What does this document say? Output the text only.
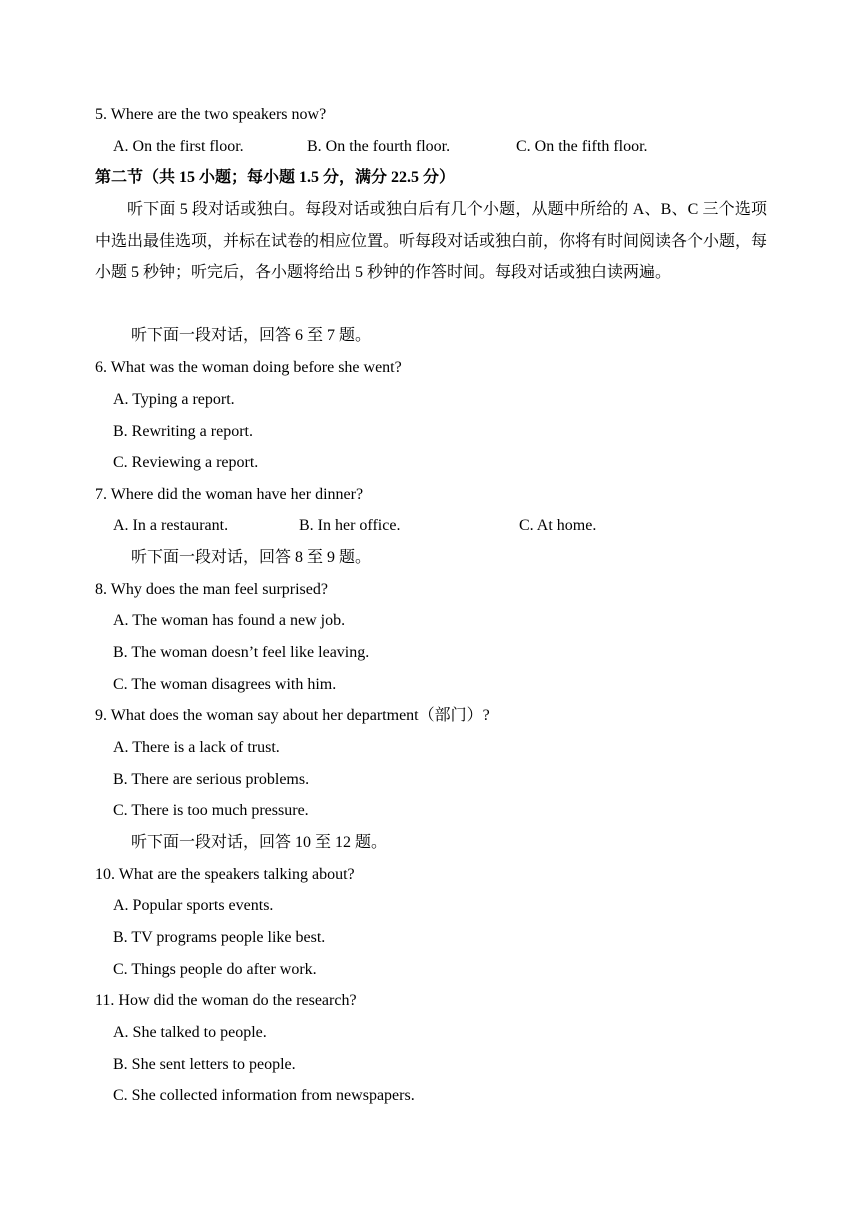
5. Where are the two speakers now?
A. On the first floor.	B. On the fourth floor.	C. On the fifth floor.
第二节（共 15 小题；每小题 1.5 分，满分 22.5 分）
听下面 5 段对话或独白。每段对话或独白后有几个小题，从题中所给的 A、B、C 三个选项中选出最佳选项，并标在试卷的相应位置。听每段对话或独白前，你将有时间阅读各个小题，每小题 5 秒钟；听完后，各小题将给出 5 秒钟的作答时间。每段对话或独白读两遍。
听下面一段对话，回答 6 至 7 题。
6. What was the woman doing before she went?
A. Typing a report.
B. Rewriting a report.
C. Reviewing a report.
7. Where did the woman have her dinner?
A. In a restaurant.	B. In her office.	C. At home.
听下面一段对话，回答 8 至 9 题。
8. Why does the man feel surprised?
A. The woman has found a new job.
B. The woman doesn’t feel like leaving.
C. The woman disagrees with him.
9. What does the woman say about her department（部门）?
A. There is a lack of trust.
B. There are serious problems.
C. There is too much pressure.
听下面一段对话，回答 10 至 12 题。
10. What are the speakers talking about?
A. Popular sports events.
B. TV programs people like best.
C. Things people do after work.
11. How did the woman do the research?
A. She talked to people.
B. She sent letters to people.
C. She collected information from newspapers.
